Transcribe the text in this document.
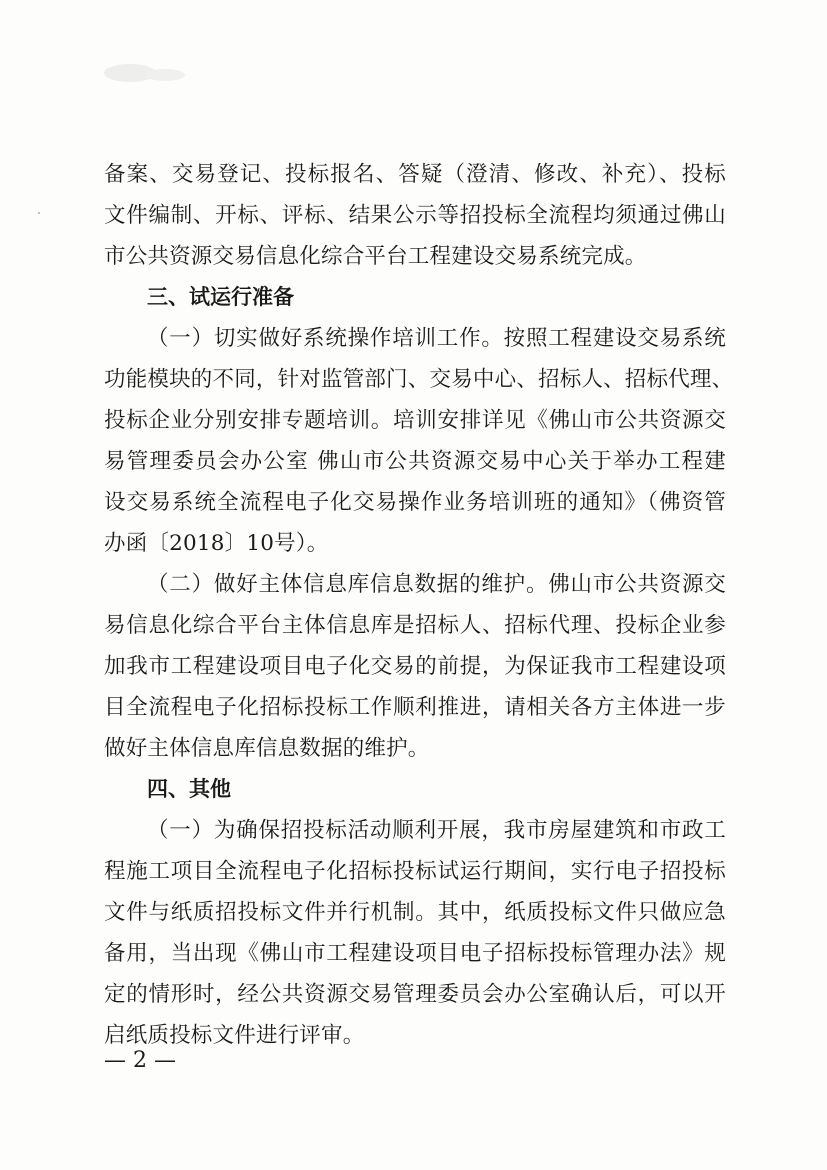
备案、交易登记、投标报名、答疑（澄清、修改、补充）、投标
文件编制、开标、评标、结果公示等招投标全流程均须通过佛山
市公共资源交易信息化综合平台工程建设交易系统完成。
三、试运行准备
（一）切实做好系统操作培训工作。按照工程建设交易系统
功能模块的不同，针对监管部门、交易中心、招标人、招标代理、
投标企业分别安排专题培训。培训安排详见《佛山市公共资源交
易管理委员会办公室 佛山市公共资源交易中心关于举办工程建
设交易系统全流程电子化交易操作业务培训班的通知》（佛资管
办函〔2018〕10号）。
（二）做好主体信息库信息数据的维护。佛山市公共资源交
易信息化综合平台主体信息库是招标人、招标代理、投标企业参
加我市工程建设项目电子化交易的前提，为保证我市工程建设项
目全流程电子化招标投标工作顺利推进，请相关各方主体进一步
做好主体信息库信息数据的维护。
四、其他
（一）为确保招投标活动顺利开展，我市房屋建筑和市政工
程施工项目全流程电子化招标投标试运行期间，实行电子招投标
文件与纸质招投标文件并行机制。其中，纸质投标文件只做应急
备用，当出现《佛山市工程建设项目电子招标投标管理办法》规
定的情形时，经公共资源交易管理委员会办公室确认后，可以开
启纸质投标文件进行评审。
— 2 —
